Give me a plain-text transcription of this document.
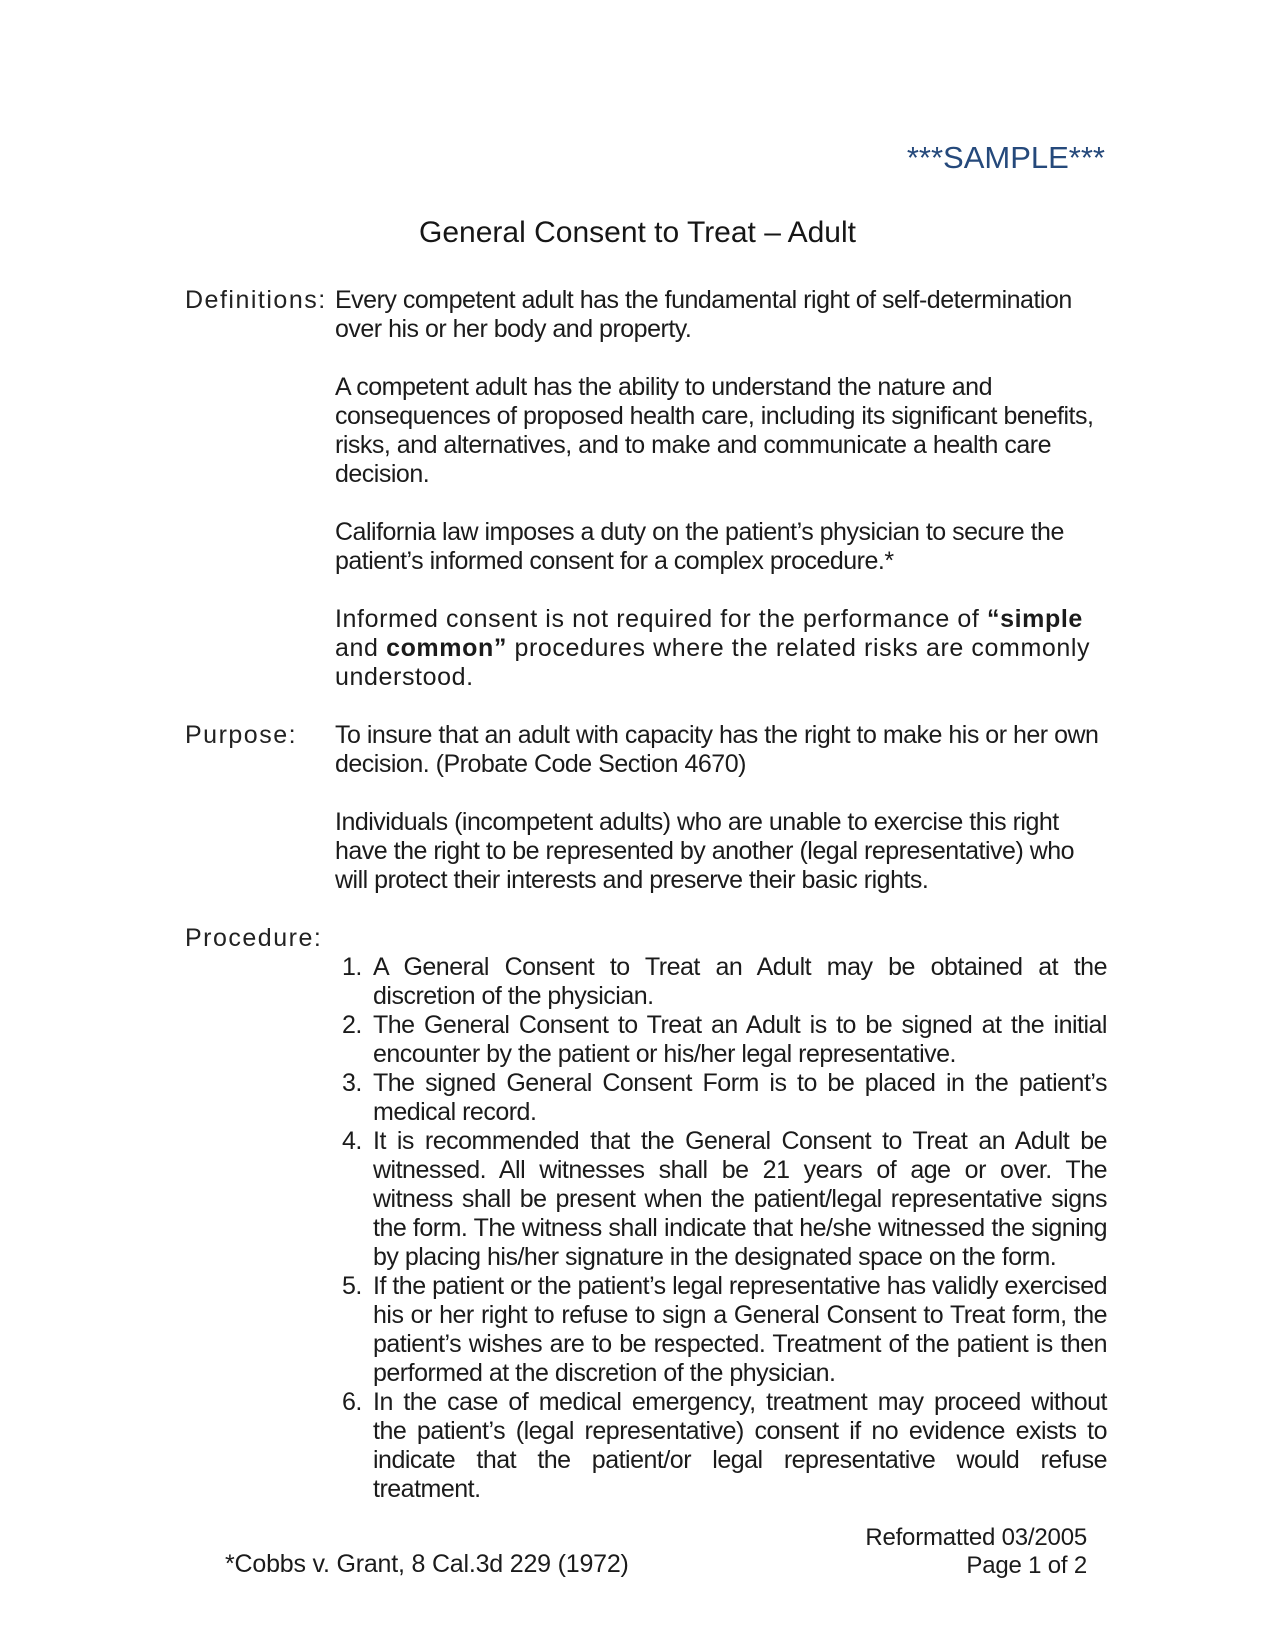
***SAMPLE***
General Consent to Treat – Adult
Definitions: Every competent adult has the fundamental right of self-determination over his or her body and property.

A competent adult has the ability to understand the nature and consequences of proposed health care, including its significant benefits, risks, and alternatives, and to make and communicate a health care decision.

California law imposes a duty on the patient’s physician to secure the patient’s informed consent for a complex procedure.*

Informed consent is not required for the performance of “simple and common” procedures where the related risks are commonly understood.

Purpose:	To insure that an adult with capacity has the right to make his or her own decision. (Probate Code Section 4670)

Individuals (incompetent adults) who are unable to exercise this right have the right to be represented by another (legal representative) who will protect their interests and preserve their basic rights.

Procedure:
1. A General Consent to Treat an Adult may be obtained at the discretion of the physician.
2. The General Consent to Treat an Adult is to be signed at the initial encounter by the patient or his/her legal representative.
3. The signed General Consent Form is to be placed in the patient’s medical record.
4. It is recommended that the General Consent to Treat an Adult be witnessed. All witnesses shall be 21 years of age or over. The witness shall be present when the patient/legal representative signs the form. The witness shall indicate that he/she witnessed the signing by placing his/her signature in the designated space on the form.
5. If the patient or the patient’s legal representative has validly exercised his or her right to refuse to sign a General Consent to Treat form, the patient’s wishes are to be respected. Treatment of the patient is then performed at the discretion of the physician.
6. In the case of medical emergency, treatment may proceed without the patient’s (legal representative) consent if no evidence exists to indicate that the patient/or legal representative would refuse treatment.
*Cobbs v. Grant, 8 Cal.3d 229 (1972)
Reformatted 03/2005
Page 1 of 2
